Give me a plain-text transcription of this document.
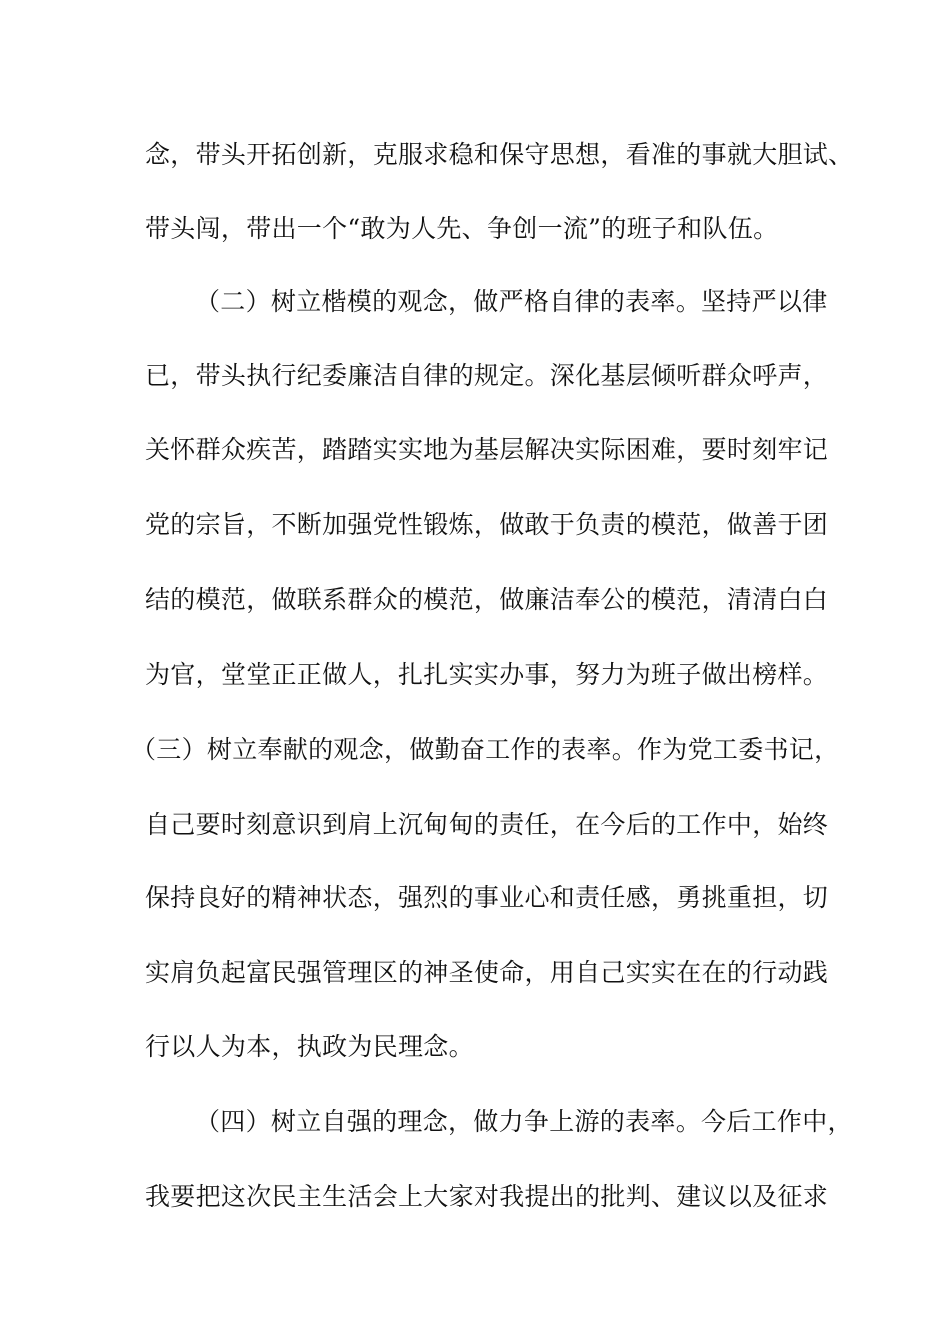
念，带头开拓创新，克服求稳和保守思想，看准的事就大胆试、
带头闯，带出一个“敢为人先、争创一流”的班子和队伍。
（二）树立楷模的观念，做严格自律的表率。坚持严以律
已，带头执行纪委廉洁自律的规定。深化基层倾听群众呼声，
关怀群众疾苦，踏踏实实地为基层解决实际困难，要时刻牢记
党的宗旨，不断加强党性锻炼，做敢于负责的模范，做善于团
结的模范，做联系群众的模范，做廉洁奉公的模范，清清白白
为官，堂堂正正做人，扎扎实实办事，努力为班子做出榜样。
（三）树立奉献的观念，做勤奋工作的表率。作为党工委书记，
自己要时刻意识到肩上沉甸甸的责任，在今后的工作中，始终
保持良好的精神状态，强烈的事业心和责任感，勇挑重担，切
实肩负起富民强管理区的神圣使命，用自己实实在在的行动践
行以人为本，执政为民理念。
（四）树立自强的理念，做力争上游的表率。今后工作中，
我要把这次民主生活会上大家对我提出的批判、建议以及征求
